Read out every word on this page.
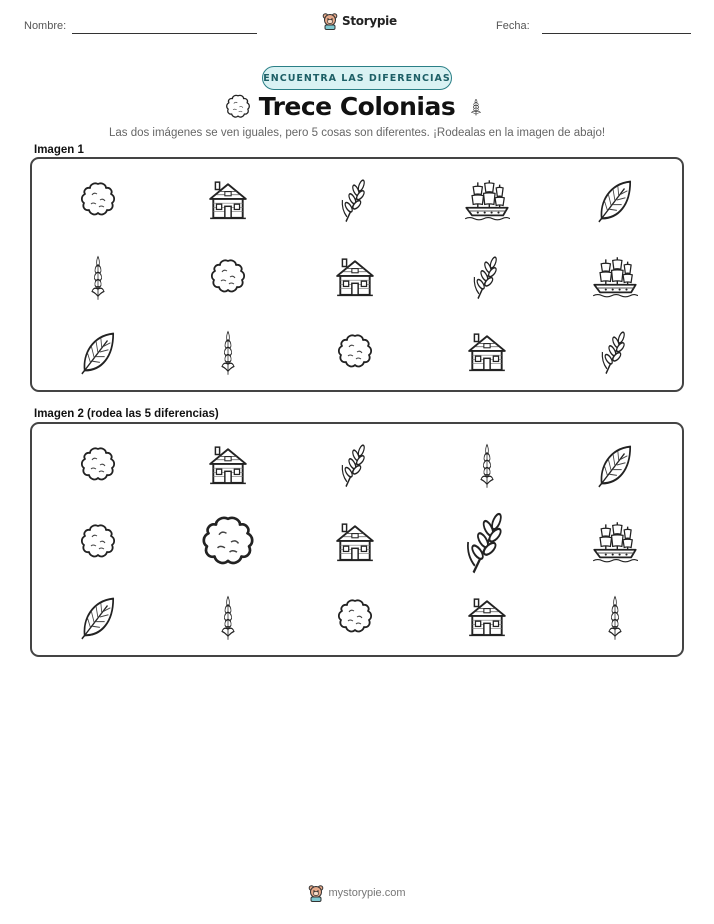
Nombre:	Storypie	Fecha:
ENCUENTRA LAS DIFERENCIAS
Trece Colonias
Las dos imágenes se ven iguales, pero 5 cosas son diferentes. ¡Rodealas en la imagen de abajo!
Imagen 1
Imagen 2 (rodea las 5 diferencias)
mystorypie.com
